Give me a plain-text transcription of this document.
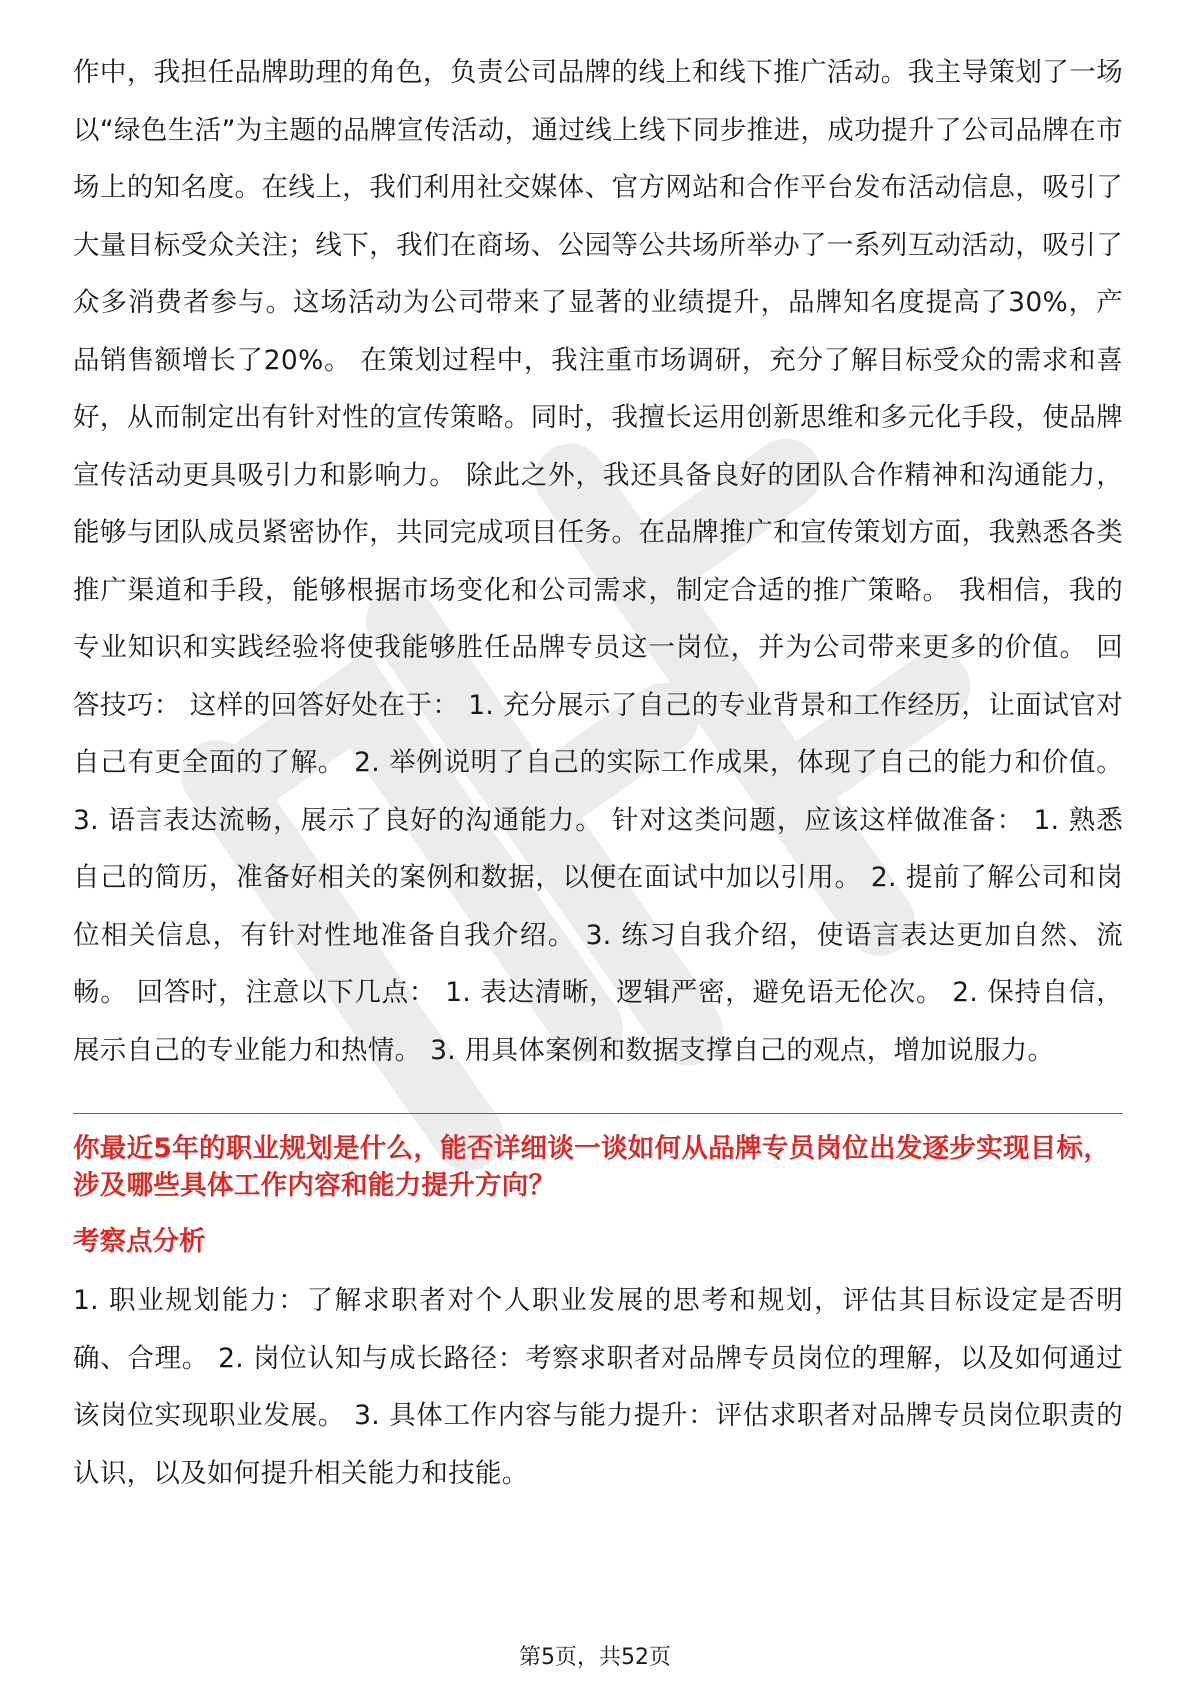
作中，我担任品牌助理的角色，负责公司品牌的线上和线下推广活动。我主导策划了一场以“绿色生活”为主题的品牌宣传活动，通过线上线下同步推进，成功提升了公司品牌在市场上的知名度。在线上，我们利用社交媒体、官方网站和合作平台发布活动信息，吸引了大量目标受众关注；线下，我们在商场、公园等公共场所举办了一系列互动活动，吸引了众多消费者参与。这场活动为公司带来了显著的业绩提升，品牌知名度提高了30%，产品销售额增长了20%。 在策划过程中，我注重市场调研，充分了解目标受众的需求和喜好，从而制定出有针对性的宣传策略。同时，我擅长运用创新思维和多元化手段，使品牌宣传活动更具吸引力和影响力。 除此之外，我还具备良好的团队合作精神和沟通能力，能够与团队成员紧密协作，共同完成项目任务。在品牌推广和宣传策划方面，我熟悉各类推广渠道和手段，能够根据市场变化和公司需求，制定合适的推广策略。 我相信，我的专业知识和实践经验将使我能够胜任品牌专员这一岗位，并为公司带来更多的价值。 回答技巧： 这样的回答好处在于： 1. 充分展示了自己的专业背景和工作经历，让面试官对自己有更全面的了解。 2. 举例说明了自己的实际工作成果，体现了自己的能力和价值。 3. 语言表达流畅，展示了良好的沟通能力。 针对这类问题，应该这样做准备： 1. 熟悉自己的简历，准备好相关的案例和数据，以便在面试中加以引用。 2. 提前了解公司和岗位相关信息，有针对性地准备自我介绍。 3. 练习自我介绍，使语言表达更加自然、流畅。 回答时，注意以下几点： 1. 表达清晰，逻辑严密，避免语无伦次。 2. 保持自信，展示自己的专业能力和热情。 3. 用具体案例和数据支撑自己的观点，增加说服力。

你最近5年的职业规划是什么，能否详细谈一谈如何从品牌专员岗位出发逐步实现目标，涉及哪些具体工作内容和能力提升方向？

考察点分析

1. 职业规划能力：了解求职者对个人职业发展的思考和规划，评估其目标设定是否明确、合理。 2. 岗位认知与成长路径：考察求职者对品牌专员岗位的理解，以及如何通过该岗位实现职业发展。 3. 具体工作内容与能力提升：评估求职者对品牌专员岗位职责的认识，以及如何提升相关能力和技能。

第5页，共52页
